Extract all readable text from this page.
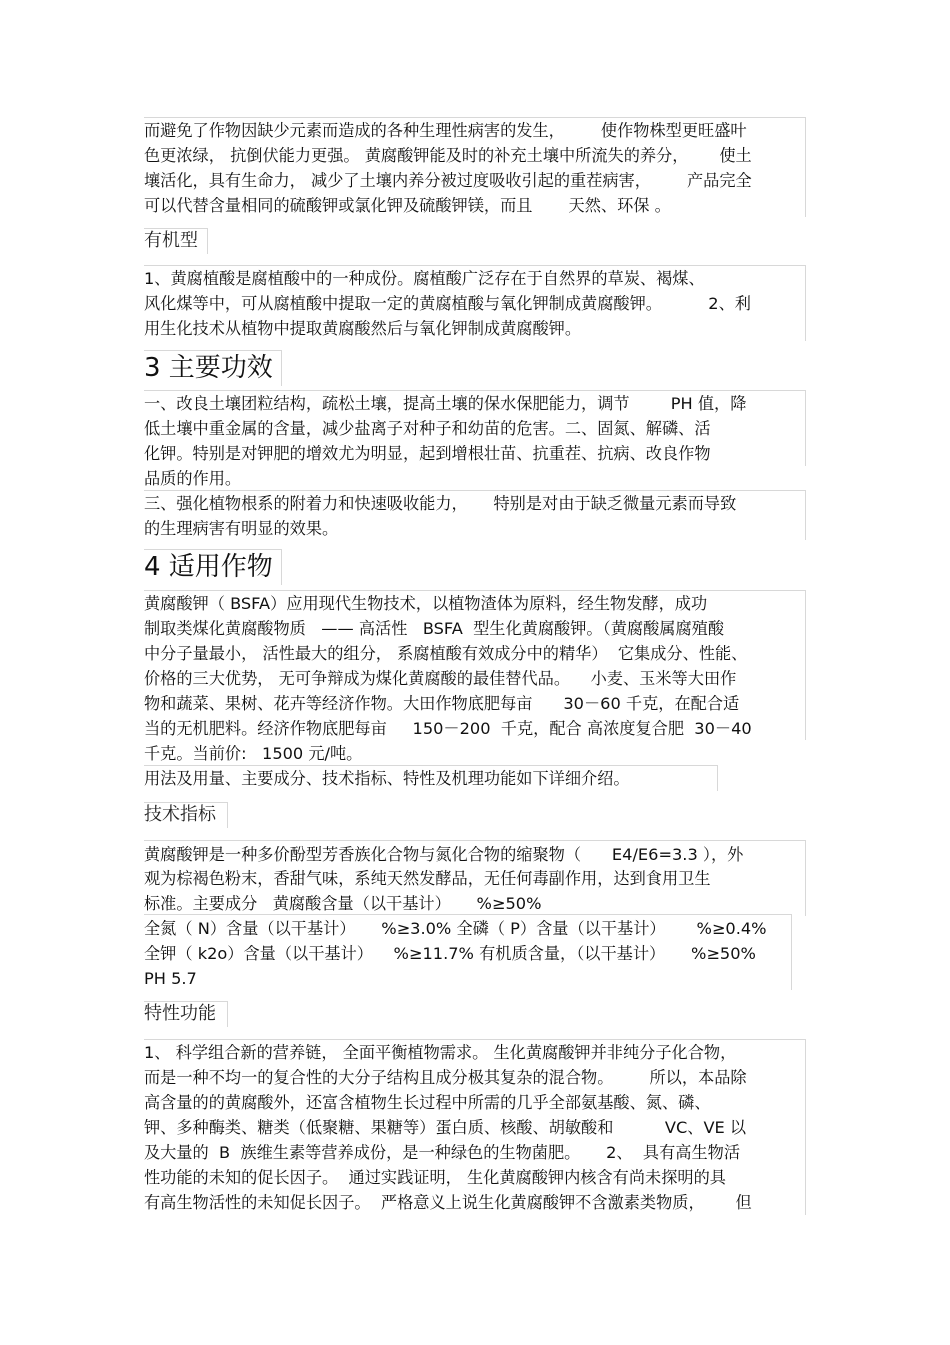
而避免了作物因缺少元素而造成的各种生理性病害的发生，       使作物株型更旺盛叶
色更浓绿， 抗倒伏能力更强。 黄腐酸钾能及时的补充土壤中所流失的养分，      使土
壤活化，具有生命力， 减少了土壤内养分被过度吸收引起的重茬病害，       产品完全
可以代替含量相同的硫酸钾或氯化钾及硫酸钾镁，而且       天然、环保 。
有机型
1、黄腐植酸是腐植酸中的一种成份。腐植酸广泛存在于自然界的草炭、褐煤、
风化煤等中，可从腐植酸中提取一定的黄腐植酸与氧化钾制成黄腐酸钾。         2、利
用生化技术从植物中提取黄腐酸然后与氧化钾制成黄腐酸钾。
3 主要功效
一、改良土壤团粒结构，疏松土壤，提高土壤的保水保肥能力，调节        PH 值，降
低土壤中重金属的含量，减少盐离子对种子和幼苗的危害。二、固氮、解磷、活
化钾。特别是对钾肥的增效尤为明显，起到增根壮苗、抗重茬、抗病、改良作物
品质的作用。
三、强化植物根系的附着力和快速吸收能力，     特别是对由于缺乏微量元素而导致
的生理病害有明显的效果。
4 适用作物
黄腐酸钾（ BSFA）应用现代生物技术，以植物渣体为原料，经生物发酵，成功
制取类煤化黄腐酸物质   —— 高活性   BSFA  型生化黄腐酸钾。（黄腐酸属腐殖酸
中分子量最小， 活性最大的组分， 系腐植酸有效成分中的精华）  它集成分、性能、
价格的三大优势， 无可争辩成为煤化黄腐酸的最佳替代品。    小麦、玉米等大田作
物和蔬菜、果树、花卉等经济作物。大田作物底肥每亩      30－60 千克，在配合适
当的无机肥料。经济作物底肥每亩     150－200  千克，配合 高浓度复合肥  30－40
千克。当前价:   1500 元/吨。
用法及用量、主要成分、技术指标、特性及机理功能如下详细介绍。
技术指标
黄腐酸钾是一种多价酚型芳香族化合物与氮化合物的缩聚物（      E4/E6=3.3 ），外
观为棕褐色粉末，香甜气味，系纯天然发酵品，无任何毒副作用，达到食用卫生
标准。主要成分   黄腐酸含量（以干基计）     %≥50%
全氮（ N）含量（以干基计）     %≥3.0% 全磷（ P）含量（以干基计）      %≥0.4%
全钾（ k2o）含量（以干基计）    %≥11.7% 有机质含量，（以干基计）     %≥50%
PH 5.7
特性功能
1、 科学组合新的营养链， 全面平衡植物需求。 生化黄腐酸钾并非纯分子化合物，
而是一种不均一的复合性的大分子结构且成分极其复杂的混合物。       所以，本品除
高含量的的黄腐酸外，还富含植物生长过程中所需的几乎全部氨基酸、氮、磷、
钾、多种酶类、糖类（低聚糖、果糖等）蛋白质、核酸、胡敏酸和          VC、VE 以
及大量的  B  族维生素等营养成份，是一种绿色的生物菌肥。     2、  具有高生物活
性功能的未知的促长因子。  通过实践证明， 生化黄腐酸钾内核含有尚未探明的具
有高生物活性的未知促长因子。  严格意义上说生化黄腐酸钾不含激素类物质，      但
